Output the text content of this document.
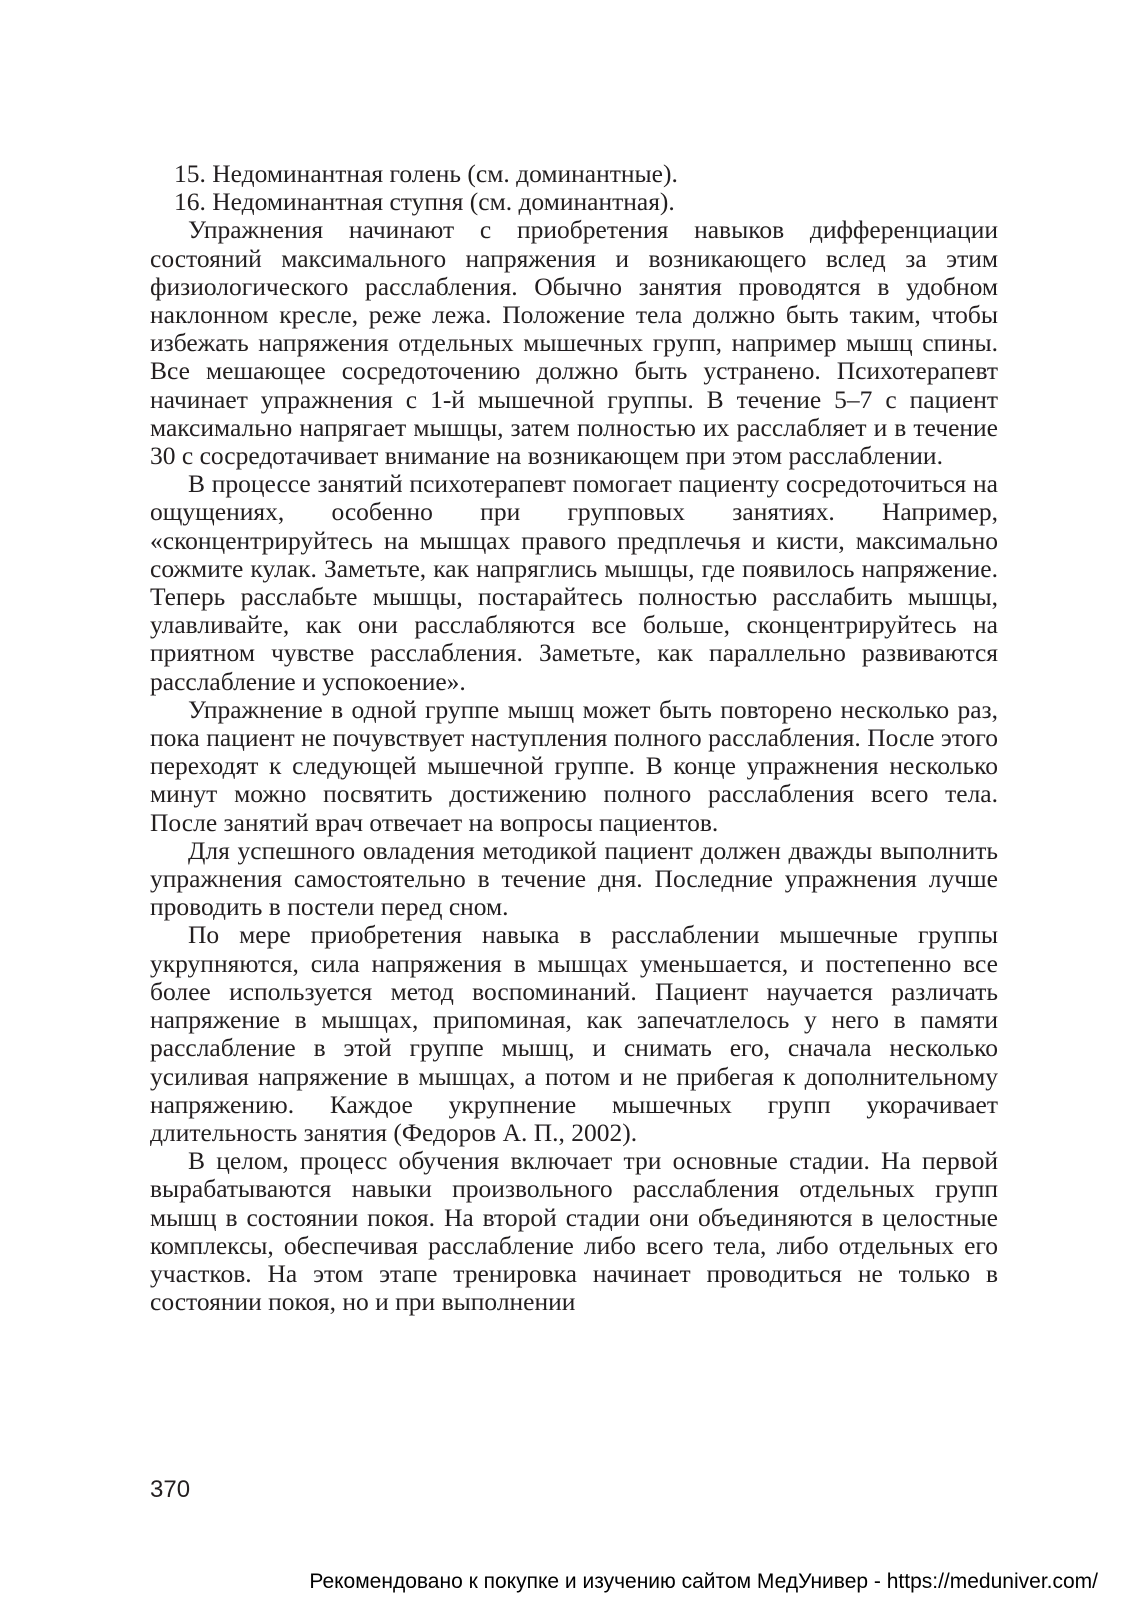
15. Недоминантная голень (см. доминантные).

16. Недоминантная ступня (см. доминантная).

Упражнения начинают с приобретения навыков дифференциации состояний максимального напряжения и возникающего вслед за этим физиологического расслабления. Обычно занятия проводятся в удобном наклонном кресле, реже лежа. Положение тела должно быть таким, чтобы избежать напряжения отдельных мышечных групп, например мышц спины. Все мешающее сосредоточению должно быть устранено. Психотерапевт начинает упражнения с 1-й мышечной группы. В течение 5–7 с пациент максимально напрягает мышцы, затем полностью их расслабляет и в течение 30 с сосредотачивает внимание на возникающем при этом расслаблении.

В процессе занятий психотерапевт помогает пациенту сосредоточиться на ощущениях, особенно при групповых занятиях. Например, «сконцентрируйтесь на мышцах правого предплечья и кисти, максимально сожмите кулак. Заметьте, как напряглись мышцы, где появилось напряжение. Теперь расслабьте мышцы, постарайтесь полностью расслабить мышцы, улавливайте, как они расслабляются все больше, сконцентрируйтесь на приятном чувстве расслабления. Заметьте, как параллельно развиваются расслабление и успокоение».

Упражнение в одной группе мышц может быть повторено несколько раз, пока пациент не почувствует наступления полного расслабления. После этого переходят к следующей мышечной группе. В конце упражнения несколько минут можно посвятить достижению полного расслабления всего тела. После занятий врач отвечает на вопросы пациентов.

Для успешного овладения методикой пациент должен дважды выполнить упражнения самостоятельно в течение дня. Последние упражнения лучше проводить в постели перед сном.

По мере приобретения навыка в расслаблении мышечные группы укрупняются, сила напряжения в мышцах уменьшается, и постепенно все более используется метод воспоминаний. Пациент научается различать напряжение в мышцах, припоминая, как запечатлелось у него в памяти расслабление в этой группе мышц, и снимать его, сначала несколько усиливая напряжение в мышцах, а потом и не прибегая к дополнительному напряжению. Каждое укрупнение мышечных групп укорачивает длительность занятия (Федоров А. П., 2002).

В целом, процесс обучения включает три основные стадии. На первой вырабатываются навыки произвольного расслабления отдельных групп мышц в состоянии покоя. На второй стадии они объединяются в целостные комплексы, обеспечивая расслабление либо всего тела, либо отдельных его участков. На этом этапе тренировка начинает проводиться не только в состоянии покоя, но и при выполнении

370
Рекомендовано к покупке и изучению сайтом МедУнивер - https://meduniver.com/
